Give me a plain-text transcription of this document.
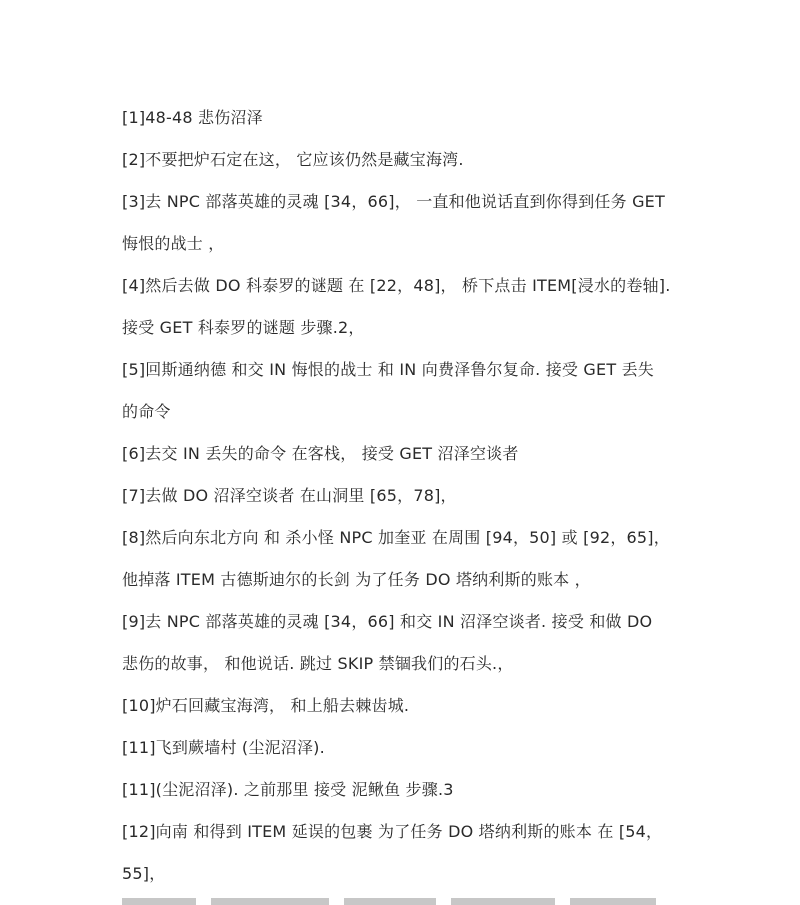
[1]48-48 悲伤沼泽
[2]不要把炉石定在这， 它应该仍然是藏宝海湾.
[3]去 NPC 部落英雄的灵魂 [34，66]， 一直和他说话直到你得到任务 GET
悔恨的战士 ，
[4]然后去做 DO 科泰罗的谜题 在 [22，48]， 桥下点击 ITEM[浸水的卷轴].
接受 GET 科泰罗的谜题 步骤.2，
[5]回斯通纳德 和交 IN 悔恨的战士 和 IN 向费泽鲁尔复命. 接受 GET 丢失
的命令
[6]去交 IN 丢失的命令 在客栈， 接受 GET 沼泽空谈者
[7]去做 DO 沼泽空谈者 在山洞里 [65，78]，
[8]然后向东北方向 和 杀小怪 NPC 加奎亚 在周围 [94，50] 或 [92，65]，
他掉落 ITEM 古德斯迪尔的长剑 为了任务 DO 塔纳利斯的账本 ，
[9]去 NPC 部落英雄的灵魂 [34，66] 和交 IN 沼泽空谈者. 接受 和做 DO
悲伤的故事， 和他说话. 跳过 SKIP 禁锢我们的石头.，
[10]炉石回藏宝海湾， 和上船去棘齿城.
[11]飞到蕨墙村 (尘泥沼泽).
[11](尘泥沼泽). 之前那里 接受 泥鳅鱼 步骤.3
[12]向南 和得到 ITEM 延误的包裹 为了任务 DO 塔纳利斯的账本 在 [54，
55]，
